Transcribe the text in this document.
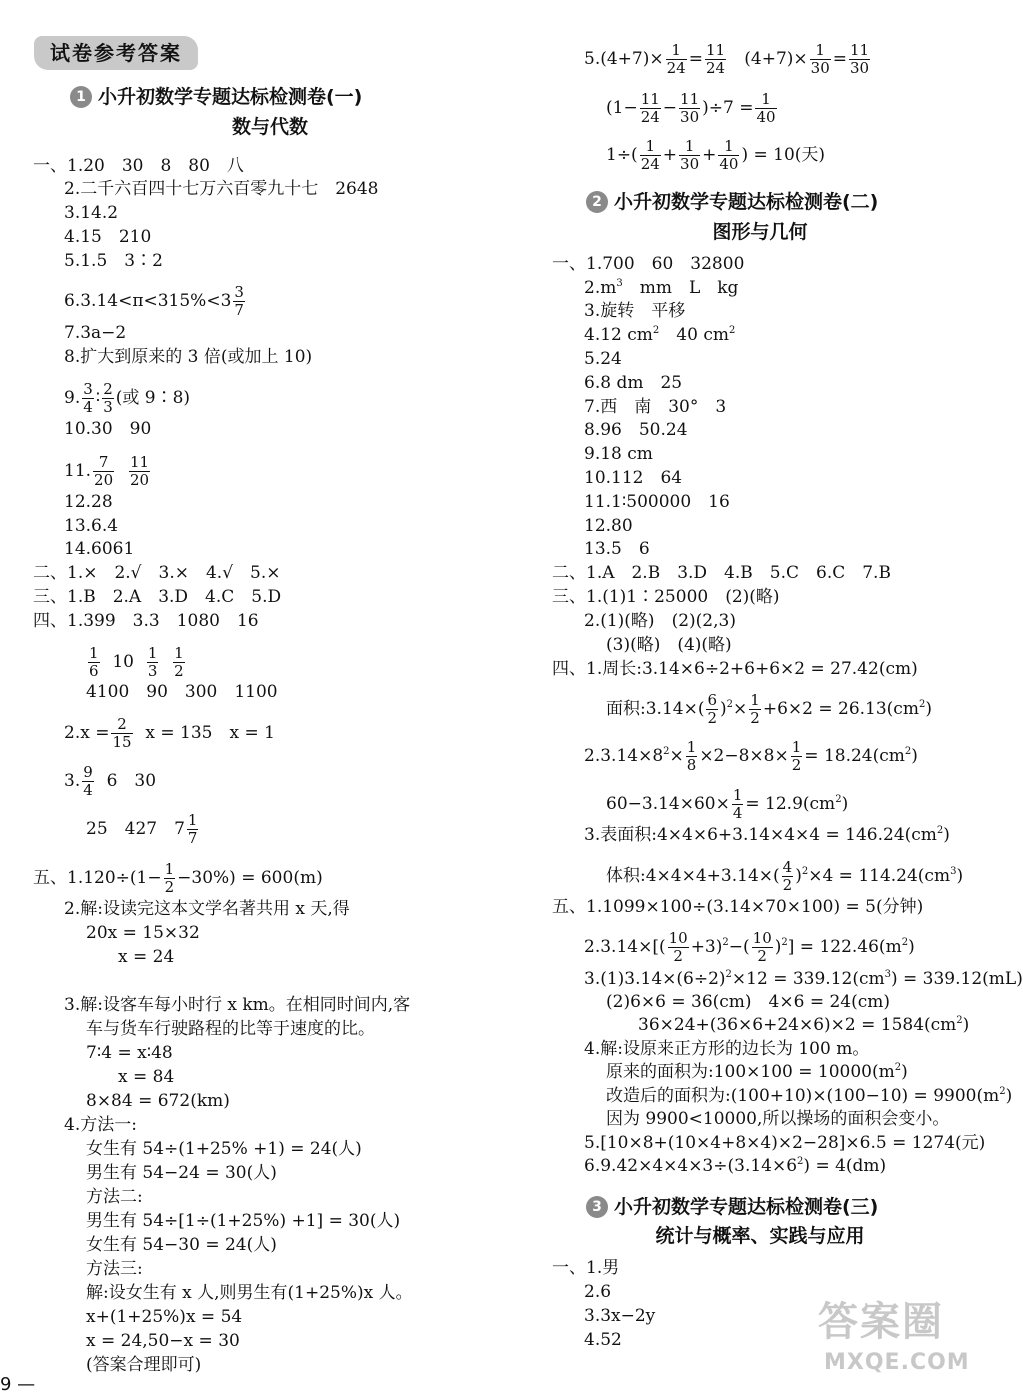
试卷参考答案
1 小升初数学专题达标检测卷(一)
数与代数
一、1.20　30　8　80　八
2.二千六百四十七万六百零九十七　2648
3.14.2
4.15　210
5.1.5　3∶2
$6.3.14<\pi<315\%<3 \frac{3}{7}$
7.3a−2
8.扩大到原来的 3 倍(或加上 10)
9. $\frac{3}{4}$ ∶ $\frac{2}{3}$ (或 9∶8)
10.30　90
11. $\frac{7}{20}$
$\frac{11}{20}$
12.28
13.6.4
14.6061
二、1.×　2.√　3.×　4.√　5.×
三、1.B　2.A　3.D　4.C　5.D
四、1.399　3.3　1080　16
$\frac{1}{6} 10 \frac{1}{3}$
$\frac{1}{2}$
4100　90　300　1100
$2.x = \frac{2}{15}$ x = 135　x = 1
3. $\frac{9}{4} 6$　30
25　427　$7 \frac{1}{7}$
五、$1.120\div(1- \frac{1}{2} -30\%) = 600(m)$
2.解:设读完这本文学名著共用 x 天,得
20x = 15×32
x = 24
3.解:设客车每小时行 x km。在相同时间内,客
车与货车行驶路程的比等于速度的比。
7∶4 = x∶48
x = 84
8×84 = 672(km)
4.方法一:
女生有 54÷(1+25% +1) = 24(人)
男生有 54−24 = 30(人)
方法二:
男生有 54÷[1÷(1+25%) +1] = 30(人)
女生有 54−30 = 24(人)
方法三:
解:设女生有 x 人,则男生有(1+25%)x 人。
x+(1+25%)x = 54
x = 24,50−x = 30
(答案合理即可)
$5.(4+7)\times \frac{1}{24} = \frac{11}{24} (4+7)\times \frac{1}{30} = \frac{11}{30}$
$(1- \frac{11}{24} - \frac{11}{30} )\div 7 = \frac{1}{40}$
$1\div( \frac{1}{24} + \frac{1}{30} + \frac{1}{40}$ ) = 10(天)
2 小升初数学专题达标检测卷(二)
图形与几何
一、1.700　60　32800
$2.m^3$　mm　L　kg
3.旋转　平移
4.12 $cm^2$　40 $cm^2$
5.24
6.8 dm　25
7.西　南　30°　3
8.96　50.24
9.18 cm
10.112　64
11.1∶500000　16
12.80
13.5　6
二、1.A　2.B　3.D　4.B　5.C　6.C　7.B
三、1.(1)1∶25000　(2)(略)
2.(1)(略)　(2)(2,3)
(3)(略)　(4)(略)
四、1.周长:3.14×6÷2+6+6×2 = 27.42(cm)
面积:3.14×( $\frac{6}{2} )^2\times \frac{1}{2} +6\times 2 = 26.13(cm^2)$
$2.3.14\times 8^2\times \frac{1}{8} \times 2-8\times 8\times \frac{1}{2} = 18.24(cm^2)$
$60-3.14\times 60\times \frac{1}{4} = 12.9(cm^2)$
3.表面积:4×4×6+3.14×4×4 = $146.24(cm^2)$
体积:4×4×4+3.14×( $\frac{4}{2} )^2\times 4 = 114.24(cm^3)$
五、1.1099×100÷(3.14×70×100) = 5(分钟)
$2.3.14\times[( \frac{10}{2} +3)^2-( \frac{10}{2} )^2] = 122.46(m^2)$
$3.(1)3.14\times(6\div 2)^2\times 12 = 339.12(cm^3) = 339.12(mL)$
(2)6×6 = 36(cm)　4×6 = 24(cm)
$36\times 24+(36\times 6+24\times 6)\times 2 = 1584(cm^2)$
4.解:设原来正方形的边长为 100 m。
原来的面积为:100×100 = $10000(m^2)$
改造后的面积为:(100+10)×(100−10) = $9900(m^2)$
因为 9900<10000,所以操场的面积会变小。
5.[10×8+(10×4+8×4)×2−28]×6.5 = 1274(元)
$6.9.42\times 4\times 4\times 3\div(3.14\times 6^2) = 4(dm)$
3 小升初数学专题达标检测卷(三)
统计与概率、实践与应用
一、1.男
2.6
3.3x−2y
4.52
9 —
答案圈
MXQE.COM
